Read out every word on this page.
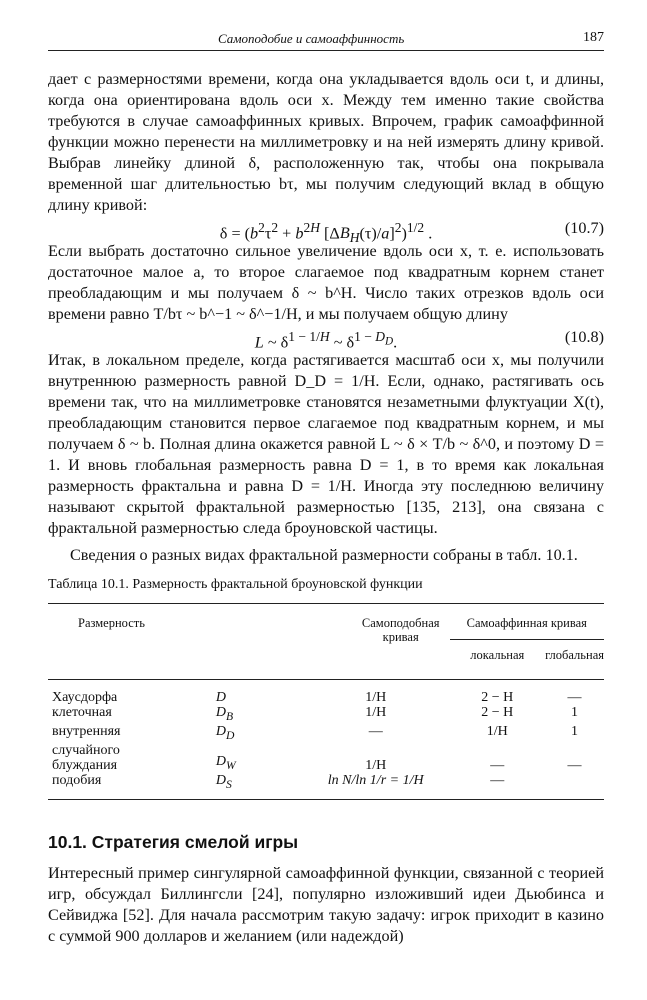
Самоподобие и самоаффинность	187

дает с размерностями времени, когда она укладывается вдоль оси t, и длины, когда она ориентирована вдоль оси x. Между тем именно такие свойства требуются в случае самоаффинных кривых. Впрочем, график самоаффинной функции можно перенести на миллиметровку и на ней измерять длину кривой. Выбрав линейку длиной δ, расположенную так, чтобы она покрывала временной шаг длительностью bτ, мы получим следующий вклад в общую длину кривой:

$\delta = (b^2\tau^2 + b^{2H}$ $[\Delta B_H(\tau)/a]^2)^{1/2}$ .	(10.7)

Если выбрать достаточно сильное увеличение вдоль оси x, т. е. использовать достаточное малое a, то второе слагаемое под квадратным корнем станет преобладающим и мы получаем δ ~ b^H. Число таких отрезков вдоль оси времени равно T/bτ ~ b^−1 ~ δ^−1/H, и мы получаем общую длину

L ~ $\delta^{1 - 1/H}$ ~ $\delta^{1 - D_D}$.	(10.8)

Итак, в локальном пределе, когда растягивается масштаб оси x, мы получили внутреннюю размерность равной D_D = 1/H. Если, однако, растягивать ось времени так, что на миллиметровке становятся незаметными флуктуации X(t), преобладающим становится первое слагаемое под квадратным корнем, и мы получаем δ ~ b. Полная длина окажется равной L ~ δ × T/b ~ δ^0, и поэтому D = 1. И вновь глобальная размерность равна D = 1, в то время как локальная размерность фрактальна и равна D = 1/H. Иногда эту последнюю величину называют скрытой фрактальной размерностью [135, 213], она связана с фрактальной размерностью следа броуновской частицы.

Сведения о разных видах фрактальной размерности собраны в табл. 10.1.

Таблица 10.1. Размерность фрактальной броуновской функции
Размерность		Самоподобная кривая	Самоаффинная кривая	
			локальная	глобальная

Хаусдорфа	D	1/H	2 − H	—
клеточная	$D_B$	1/H	2 − H	1
внутренняя	$D_D$	—	1/H	1
случайного блуждания	$D_W$	1/H	—	—
подобия	$D_S$	ln N/ln 1/r = 1/H	—	

10.1. Стратегия смелой игры

Интересный пример сингулярной самоаффинной функции, связанной с теорией игр, обсуждал Биллингсли [24], популярно изложивший идеи Дьюбинса и Сейвиджа [52]. Для начала рассмотрим такую задачу: игрок приходит в казино с суммой 900 долларов и желанием (или надеждой)
